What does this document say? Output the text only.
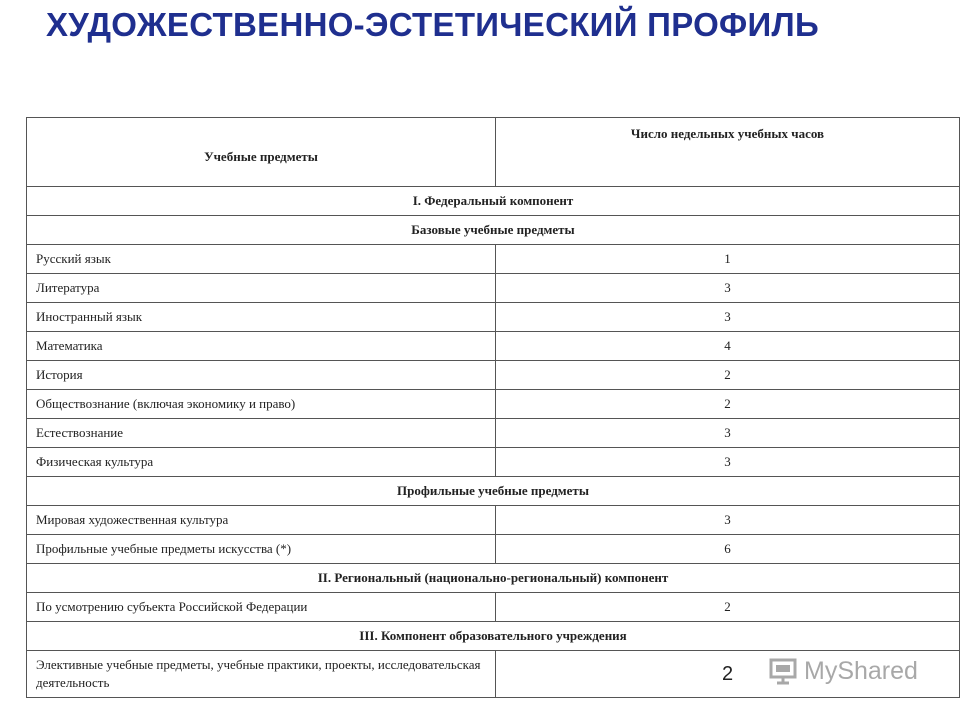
ХУДОЖЕСТВЕННО-ЭСТЕТИЧЕСКИЙ ПРОФИЛЬ
Учебные предметы	Число недельных учебных часов
I. Федеральный компонент	
Базовые учебные предметы	
Русский язык	1
Литература	3
Иностранный язык	3
Математика	4
История	2
Обществознание (включая экономику и право)	2
Естествознание	3
Физическая культура	3
Профильные учебные предметы	
Мировая художественная культура	3
Профильные учебные предметы искусства (*)	6
II. Региональный (национально-региональный) компонент	
По усмотрению субъекта Российской Федерации	2
III. Компонент образовательного учреждения	
Элективные учебные предметы, учебные практики, проекты, исследовательская деятельность	2	MyShared
